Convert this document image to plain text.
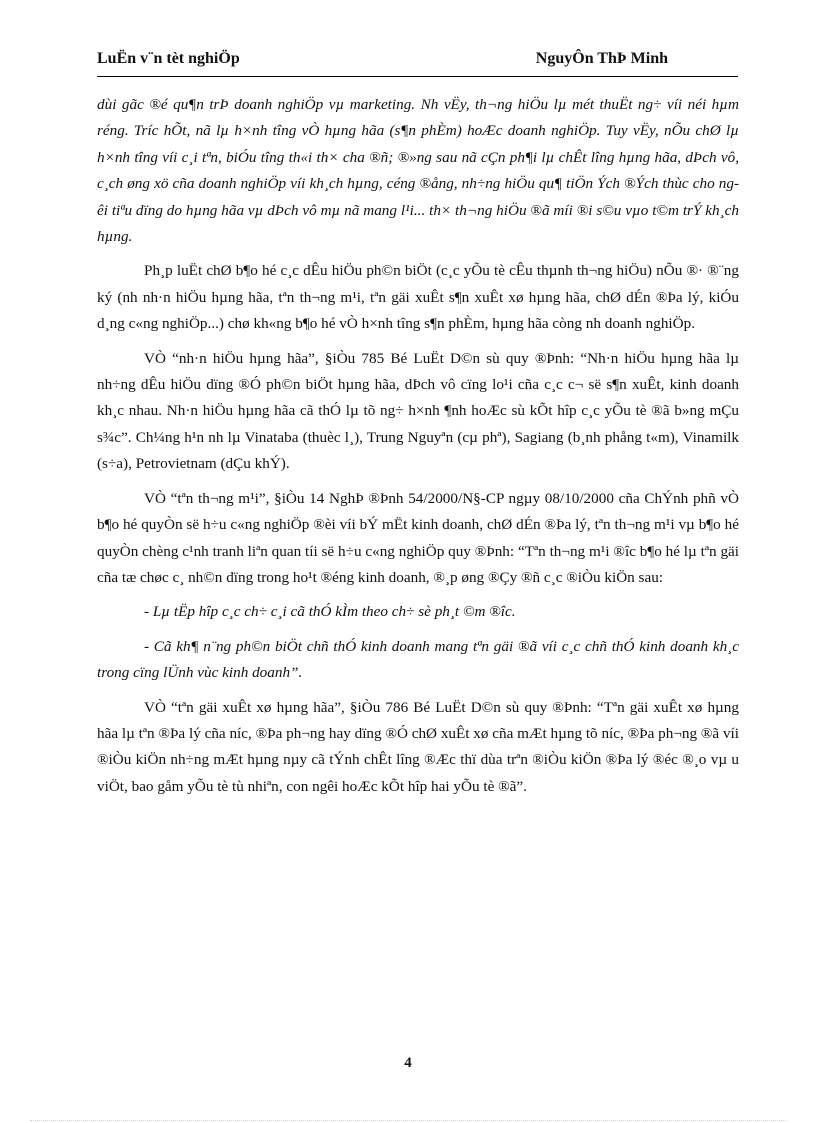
LuËn v¨n tèt nghiÖp	NguyÔn ThÞ Minh

dùi gãc ®é qu¶n trÞ doanh nghiÖp vµ marketing. Nh vËy, th¬ng hiÖu lµ mét thuËt ng÷ víi néi hµm réng. Tríc hÕt, nã lµ h×nh tîng vÒ hµng hãa (s¶n phÈm) hoÆc doanh nghiÖp. Tuy vËy, nÕu chØ lµ h×nh tîng víi c¸i tªn, biÓu tîng th«i th× cha ®ñ; ®»ng sau nã cÇn ph¶i lµ chÊt lîng hµng hãa, dÞch vô, c¸ch øng xö cña doanh nghiÖp víi kh¸ch hµng, céng ®ång, nh÷ng hiÖu qu¶ tiÖn Ých ®Ých thùc cho ngêi tiªu dïng do hµng hãa vµ dÞch vô mµ nã mang l¹i... th× th¬ng hiÖu ®ã míi ®i s©u vµo t©m trÝ kh¸ch hµng.

Ph¸p luËt chØ b¶o hé c¸c dÊu hiÖu ph©n biÖt (c¸c yÕu tè cÊu thµnh th¬ng hiÖu) nÕu ®· ®¨ng ký (nh nh·n hiÖu hµng hãa, tªn th¬ng m¹i, tªn gäi xuÊt s¶n xuÊt xø hµng hãa, chØ dÉn ®Þa lý, kiÓu d¸ng c«ng nghiÖp...) chø kh«ng b¶o hé vÒ h×nh tîng s¶n phÈm, hµng hãa còng nh doanh nghiÖp.

VÒ “nh·n hiÖu hµng hãa”, §iÒu 785 Bé LuËt D©n sù quy ®Þnh: “Nh·n hiÖu hµng hãa lµ nh÷ng dÊu hiÖu dïng ®Ó ph©n biÖt hµng hãa, dÞch vô cïng lo¹i cña c¸c c¬ së s¶n xuÊt, kinh doanh kh¸c nhau. Nh·n hiÖu hµng hãa cã thÓ lµ tõ ng÷ h×nh ¶nh hoÆc sù kÕt hîp c¸c yÕu tè ®ã b»ng mÇu s¾c”. Ch¼ng h¹n nh lµ Vinataba (thuèc l¸), Trung Nguyªn (cµ phª), Sagiang (b¸nh phång t«m), Vinamilk (s÷a), Petrovietnam (dÇu khÝ).

VÒ “tªn th¬ng m¹i”, §iÒu 14 NghÞ ®Þnh 54/2000/N§-CP ngµy 08/10/2000 cña ChÝnh phñ vÒ b¶o hé quyÒn së h÷u c«ng nghiÖp ®èi víi bÝ mËt kinh doanh, chØ dÉn ®Þa lý, tªn th¬ng m¹i vµ b¶o hé quyÒn chèng c¹nh tranh liªn quan tíi së h÷u c«ng nghiÖp quy ®Þnh: “Tªn th¬ng m¹i ®îc b¶o hé lµ tªn gäi cña tæ chøc c¸ nh©n dïng trong ho¹t ®éng kinh doanh, ®¸p øng ®Çy ®ñ c¸c ®iÒu kiÖn sau:

- Lµ tËp hîp c¸c ch÷ c¸i cã thÓ kÌm theo ch÷ sè ph¸t ©m ®îc.

- Cã kh¶ n¨ng ph©n biÖt chñ thÓ kinh doanh mang tªn gäi ®ã víi c¸c chñ thÓ kinh doanh kh¸c trong cïng lÜnh vùc kinh doanh”.

VÒ “tªn gäi xuÊt xø hµng hãa”, §iÒu 786 Bé LuËt D©n sù quy ®Þnh: “Tªn gäi xuÊt xø hµng hãa lµ tªn ®Þa lý cña níc, ®Þa ph¬ng hay dïng ®Ó chØ xuÊt xø cña mÆt hµng tõ níc, ®Þa ph¬ng ®ã víi ®iÒu kiÖn nh÷ng mÆt hµng nµy cã tÝnh chÊt lîng ®Æc thï dùa trªn ®iÒu kiÖn ®Þa lý ®éc ®¸o vµ u viÖt, bao gåm yÕu tè tù nhiªn, con ngêi hoÆc kÕt hîp hai yÕu tè ®ã”.

4
